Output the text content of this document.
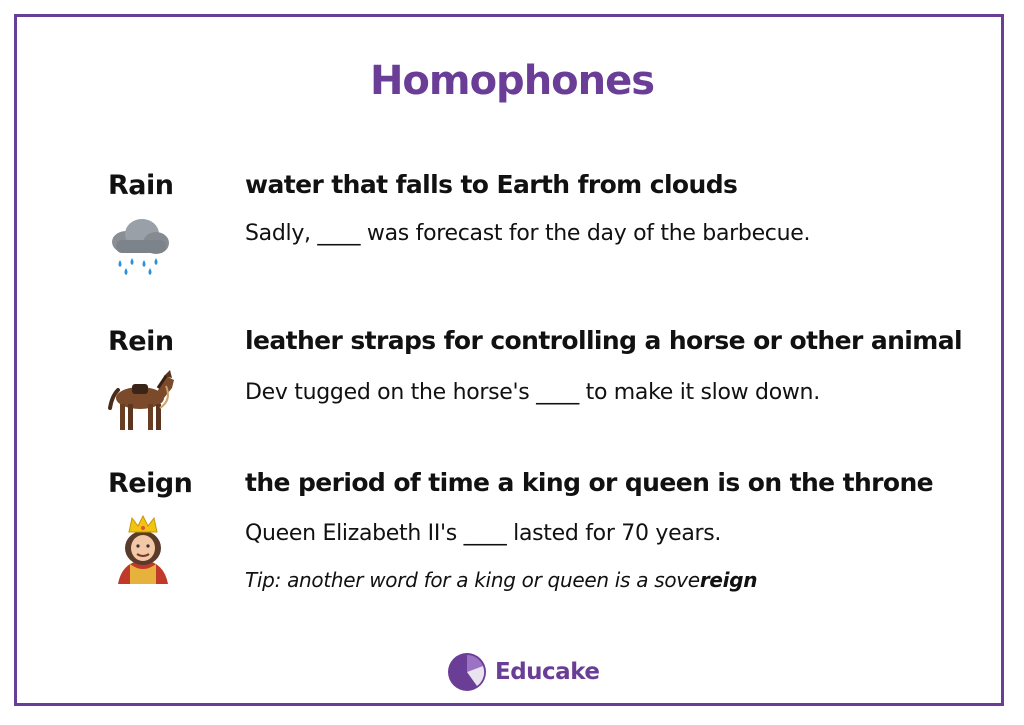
Homophones
Rain	water that falls to Earth from clouds
Sadly, ____ was forecast for the day of the barbecue.
Rein	leather straps for controlling a horse or other animal
Dev tugged on the horse's ____ to make it slow down.
Reign the period of time a king or queen is on the throne
Queen Elizabeth II's ____ lasted for 70 years.
Tip: another word for a king or queen is a sovereign
Educake
